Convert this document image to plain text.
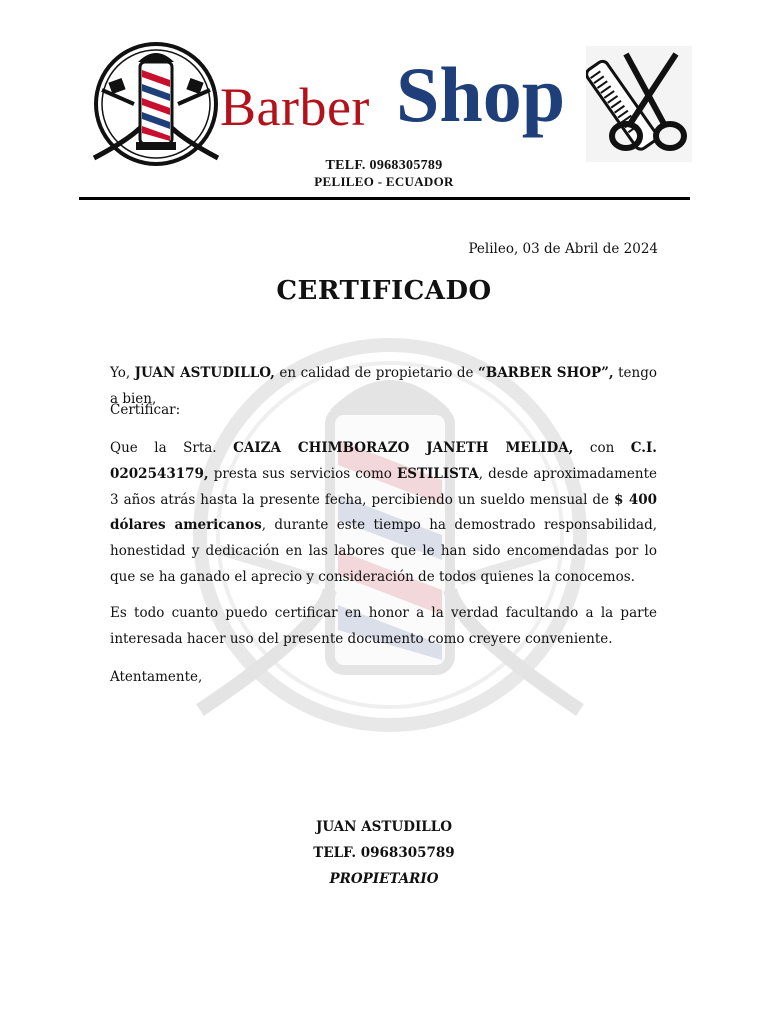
Barber Shop
TELF. 0968305789
PELILEO - ECUADOR
Pelileo, 03 de Abril de 2024
CERTIFICADO
Yo, JUAN ASTUDILLO, en calidad de propietario de “BARBER SHOP”, tengo a bien,
Certificar:
Que la Srta. CAIZA CHIMBORAZO JANETH MELIDA, con C.I. 0202543179, presta sus servicios como ESTILISTA, desde aproximadamente 3 años atrás hasta la presente fecha, percibiendo un sueldo mensual de $ 400 dólares americanos, durante este tiempo ha demostrado responsabilidad, honestidad y dedicación en las labores que le han sido encomendadas por lo que se ha ganado el aprecio y consideración de todos quienes la conocemos.
Es todo cuanto puedo certificar en honor a la verdad facultando a la parte interesada hacer uso del presente documento como creyere conveniente.
Atentamente,
JUAN ASTUDILLO
TELF. 0968305789
PROPIETARIO
